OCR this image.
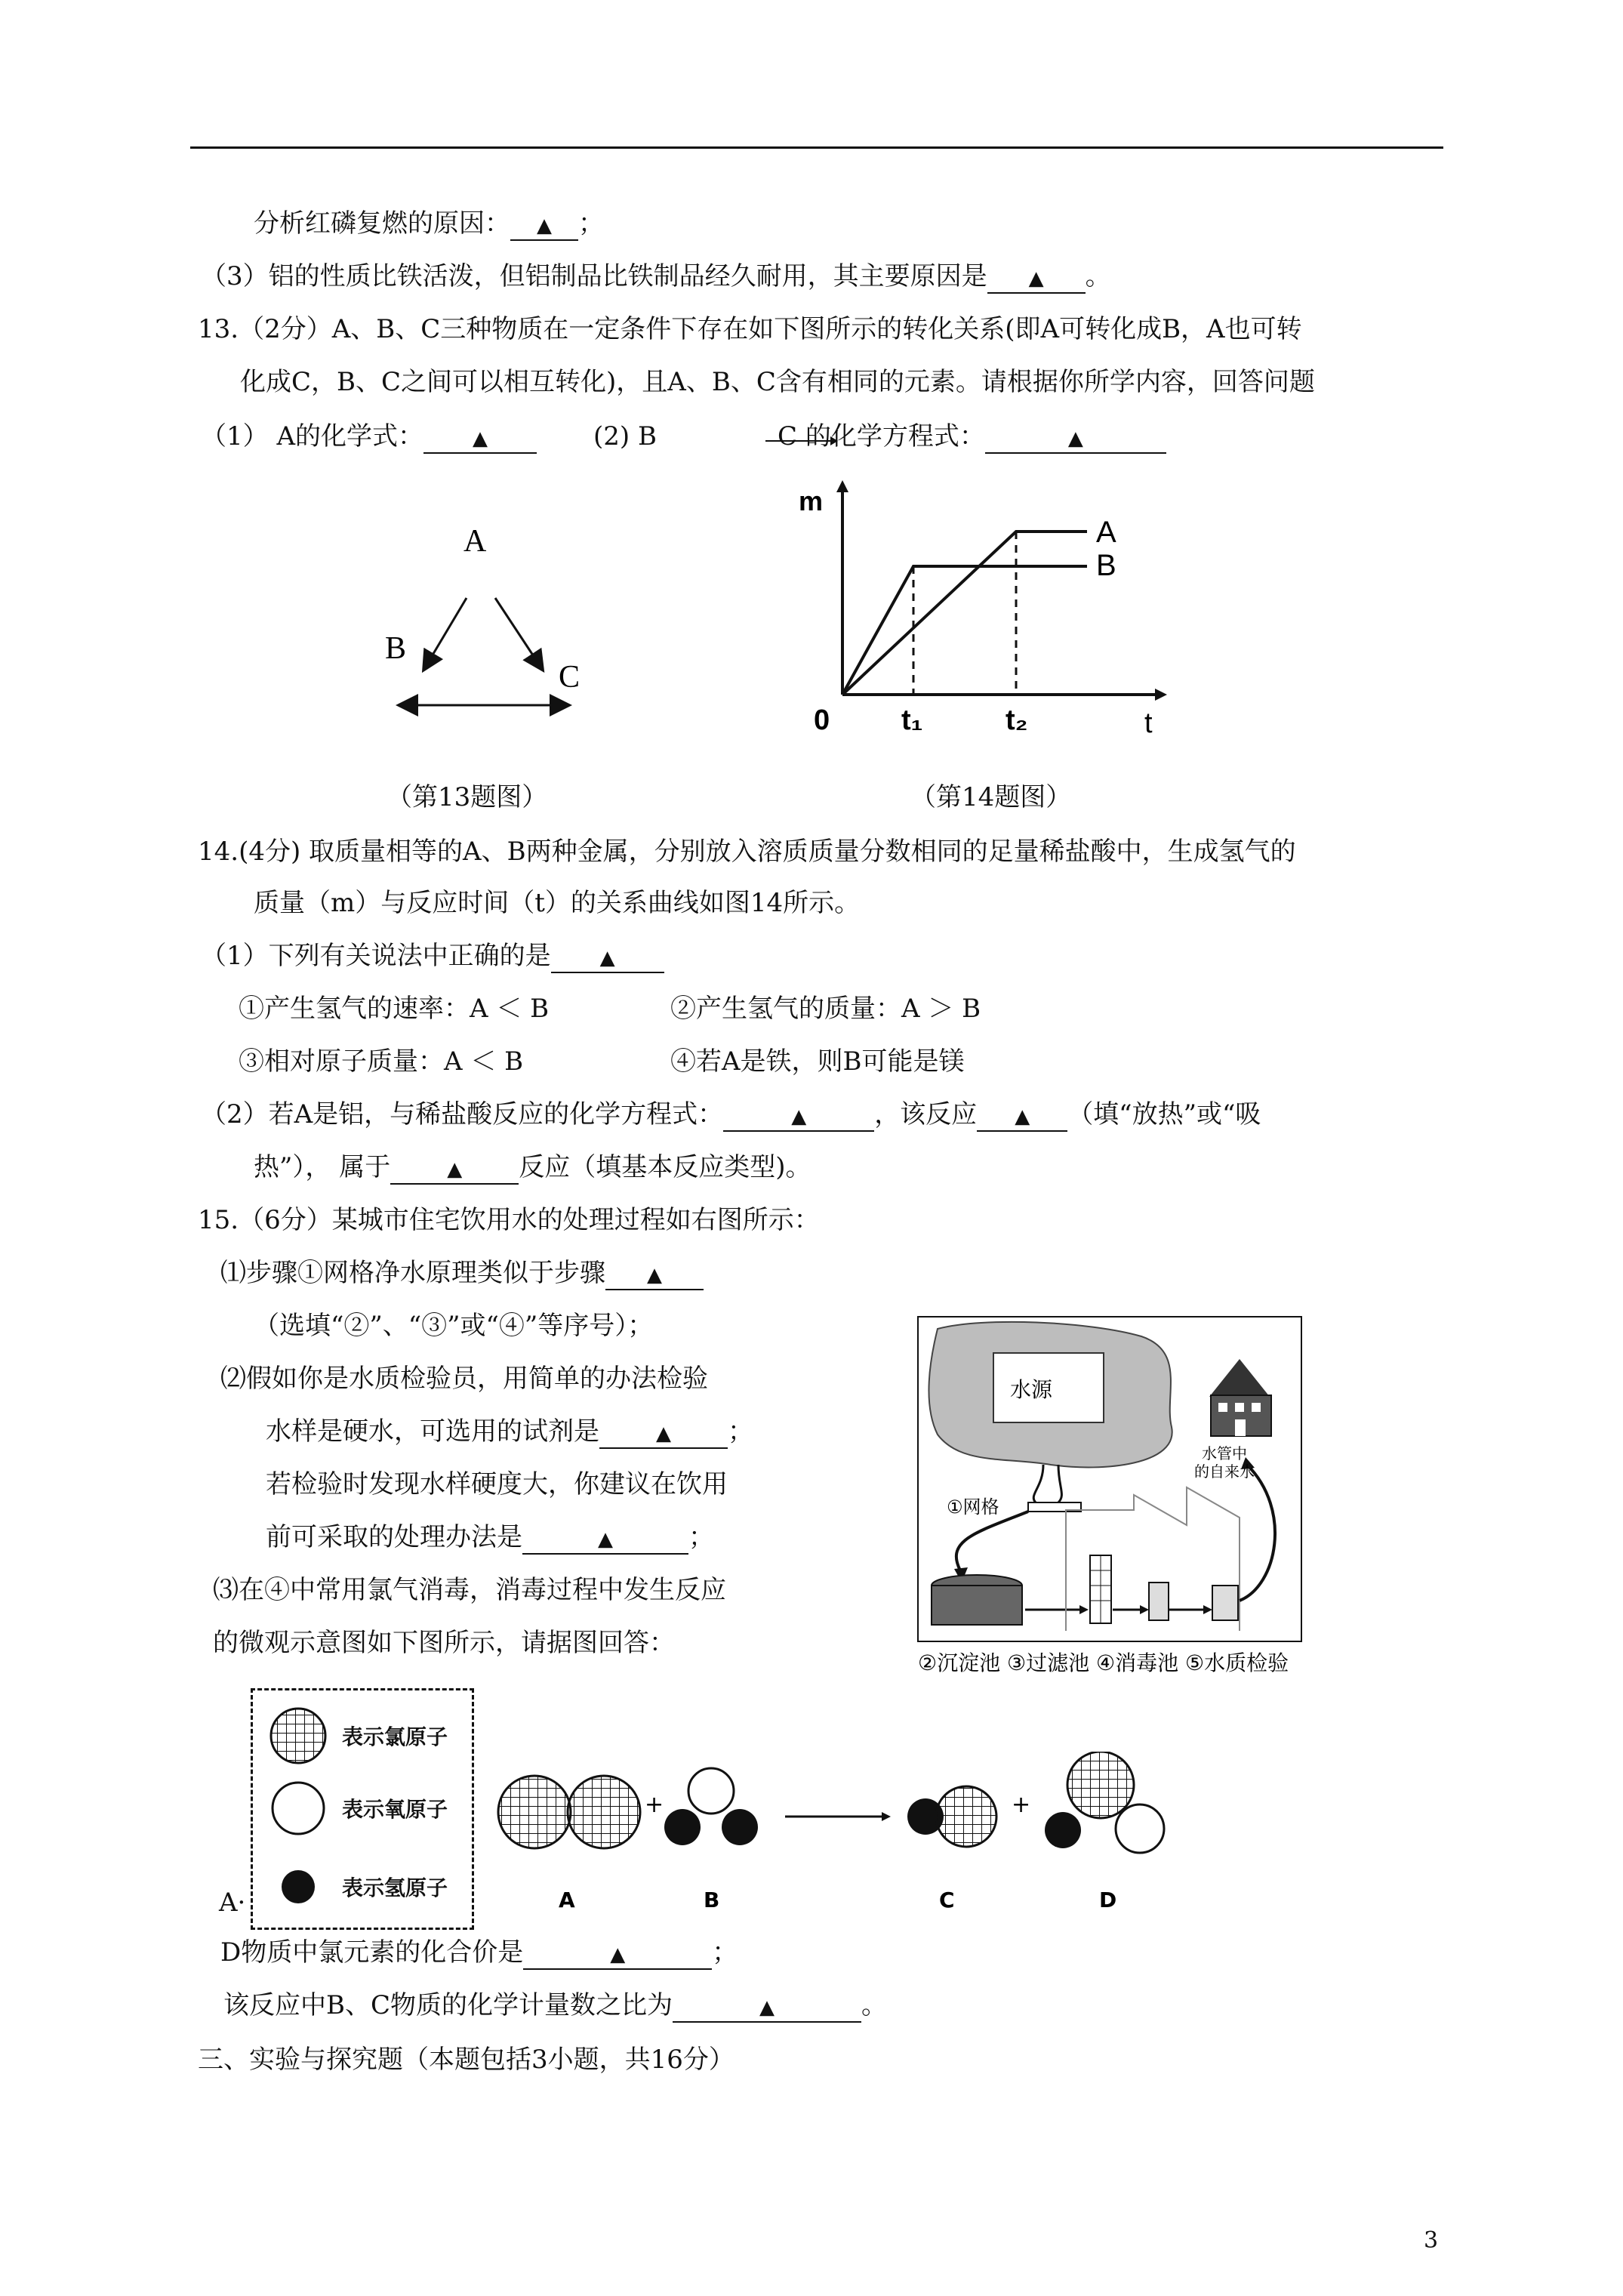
分析红磷复燃的原因： ▲ ；
（3）铝的性质比铁活泼，但铝制品比铁制品经久耐用，其主要原因是 ▲ 。
13.（2分）A、B、C三种物质在一定条件下存在如下图所示的转化关系(即A可转化成B，A也可转
化成C，B、C之间可以相互转化)，且A、B、C含有相同的元素。请根据你所学内容，回答问题
（1） A的化学式：	▲	(2) B	C 的化学方程式：	▲
A
B
C
m
t
0 t₁	t₂
A
B
（第13题图）	（第14题图）
14.(4分) 取质量相等的A、B两种金属，分别放入溶质质量分数相同的足量稀盐酸中，生成氢气的
质量（m）与反应时间（t）的关系曲线如图14所示。
（1）下列有关说法中正确的是	▲
①产生氢气的速率：A ＜ B	②产生氢气的质量：A ＞ B
③相对原子质量：A ＜ B	④若A是铁，则B可能是镁
（2）若A是铝，与稀盐酸反应的化学方程式：	▲	，该反应 ▲ （填“放热”或“吸
热”）， 属于	▲ 反应（填基本反应类型)。
15.（6分）某城市住宅饮用水的处理过程如右图所示：
⑴步骤①网格净水原理类似于步骤 ▲
（选填“②”、“③”或“④”等序号）；
⑵假如你是水质检验员，用简单的办法检验
水样是硬水，可选用的试剂是	▲ ；
若检验时发现水样硬度大，你建议在饮用
前可采取的处理办法是	▲	；
⑶在④中常用氯气消毒，消毒过程中发生反应
的微观示意图如下图所示，请据图回答：
水源
①网格
水管中
的自来水
②沉淀池 ③过滤池 ④消毒池 ⑤水质检验
表示氯原子
表示氧原子
表示氢原子
+	+
A	B	C	D
A·
D物质中氯元素的化合价是	▲	；
该反应中B、C物质的化学计量数之比为	▲	。
三、实验与探究题（本题包括3小题，共16分）
3
